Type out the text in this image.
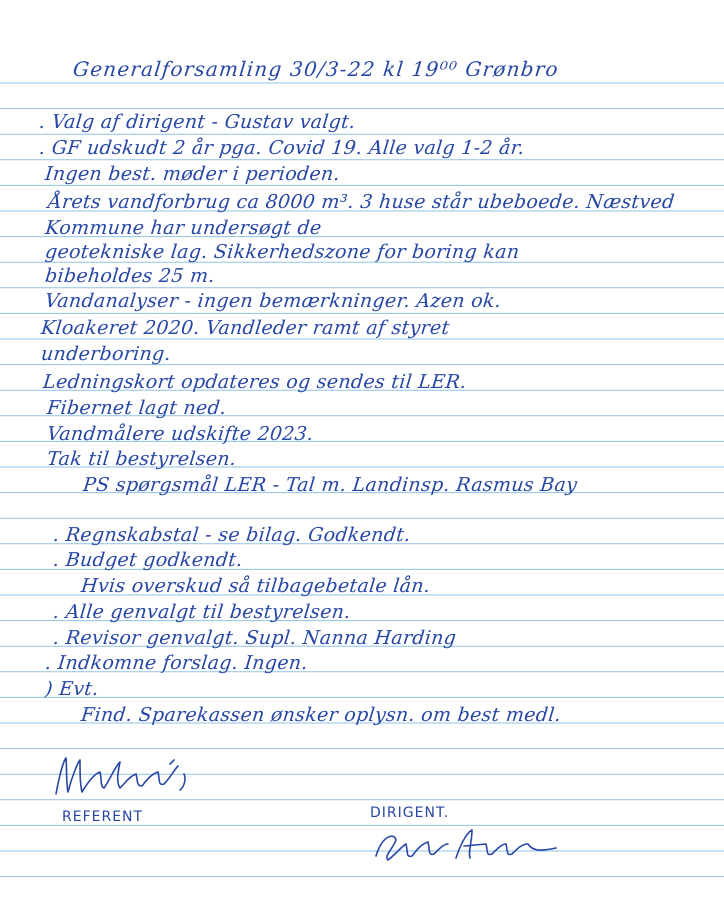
Generalforsamling 30/3-22 kl 19⁰⁰ Grønbro

. Valg af dirigent - Gustav valgt.

. GF udskudt 2 år pga. Covid 19. Alle valg 1-2 år.

Ingen best. møder i perioden.

Årets vandforbrug ca 8000 m³. 3 huse står ubeboede. Næstved Kommune har undersøgt de

geotekniske lag. Sikkerhedszone for boring kan

bibeholdes 25 m.

Vandanalyser - ingen bemærkninger. Azen ok.

Kloakeret 2020. Vandleder ramt af styret

underboring.

Ledningskort opdateres og sendes til LER.

Fibernet lagt ned.

Vandmålere udskifte 2023.

Tak til bestyrelsen.

PS spørgsmål LER - Tal m. Landinsp. Rasmus Bay

. Regnskabstal - se bilag. Godkendt.

. Budget godkendt.

Hvis overskud så tilbagebetale lån.

. Alle genvalgt til bestyrelsen.

. Revisor genvalgt. Supl. Nanna Harding

. Indkomne forslag. Ingen.

) Evt.

Find. Sparekassen ønsker oplysn. om best medl.

REFERENT	DIRIGENT.
